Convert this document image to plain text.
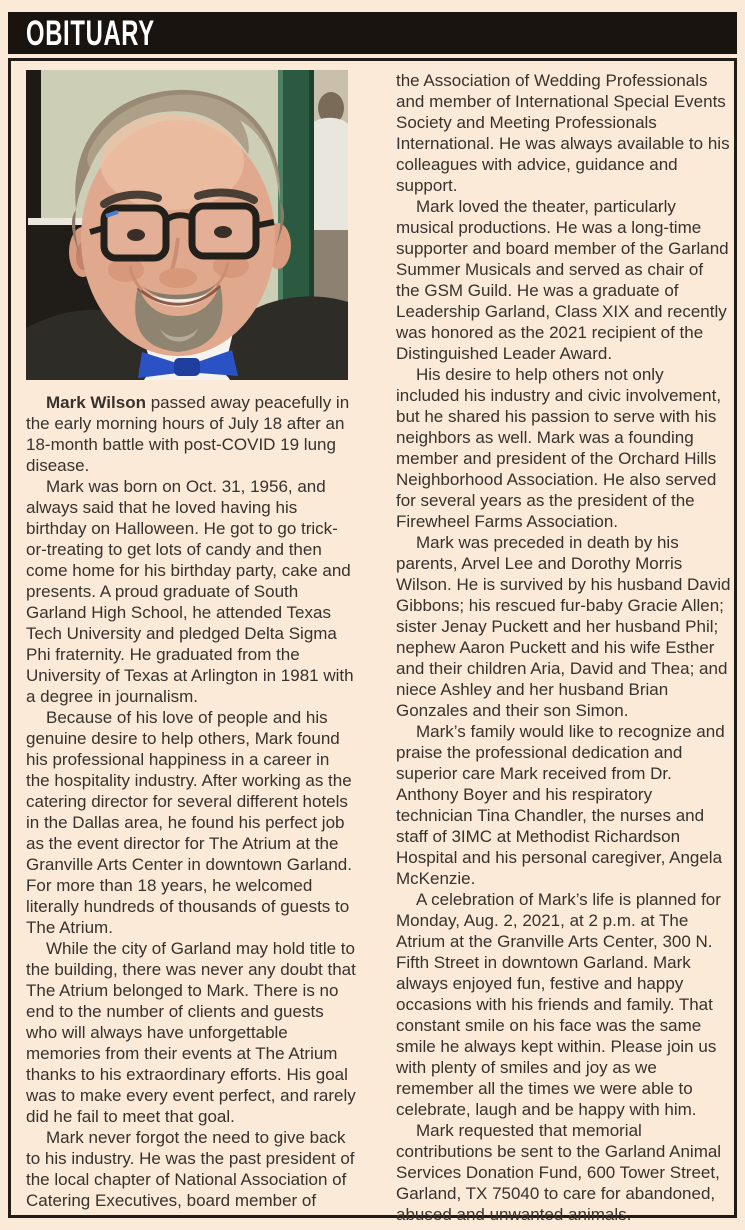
OBITUARY

Mark Wilson passed away peacefully in the early morning hours of July 18 after an 18-month battle with post-COVID 19 lung disease.

Mark was born on Oct. 31, 1956, and always said that he loved having his birthday on Halloween. He got to go trick-or-treating to get lots of candy and then come home for his birthday party, cake and presents. A proud graduate of South Garland High School, he attended Texas Tech University and pledged Delta Sigma Phi fraternity. He graduated from the University of Texas at Arlington in 1981 with a degree in journalism.

Because of his love of people and his genuine desire to help others, Mark found his professional happiness in a career in the hospitality industry. After working as the catering director for several different hotels in the Dallas area, he found his perfect job as the event director for The Atrium at the Granville Arts Center in downtown Garland. For more than 18 years, he welcomed literally hundreds of thousands of guests to The Atrium.

While the city of Garland may hold title to the building, there was never any doubt that The Atrium belonged to Mark. There is no end to the number of clients and guests who will always have unforgettable memories from their events at The Atrium thanks to his extraordinary efforts. His goal was to make every event perfect, and rarely did he fail to meet that goal.

Mark never forgot the need to give back to his industry. He was the past president of the local chapter of National Association of Catering Executives, board member of

the Association of Wedding Professionals and member of International Special Events Society and Meeting Professionals International. He was always available to his colleagues with advice, guidance and support.

Mark loved the theater, particularly musical productions. He was a long-time supporter and board member of the Garland Summer Musicals and served as chair of the GSM Guild. He was a graduate of Leadership Garland, Class XIX and recently was honored as the 2021 recipient of the Distinguished Leader Award.

His desire to help others not only included his industry and civic involvement, but he shared his passion to serve with his neighbors as well. Mark was a founding member and president of the Orchard Hills Neighborhood Association. He also served for several years as the president of the Firewheel Farms Association.

Mark was preceded in death by his parents, Arvel Lee and Dorothy Morris Wilson. He is survived by his husband David Gibbons; his rescued fur-baby Gracie Allen; sister Jenay Puckett and her husband Phil; nephew Aaron Puckett and his wife Esther and their children Aria, David and Thea; and niece Ashley and her husband Brian Gonzales and their son Simon.

Mark’s family would like to recognize and praise the professional dedication and superior care Mark received from Dr. Anthony Boyer and his respiratory technician Tina Chandler, the nurses and staff of 3IMC at Methodist Richardson Hospital and his personal caregiver, Angela McKenzie.

A celebration of Mark’s life is planned for Monday, Aug. 2, 2021, at 2 p.m. at The Atrium at the Granville Arts Center, 300 N. Fifth Street in downtown Garland. Mark always enjoyed fun, festive and happy occasions with his friends and family. That constant smile on his face was the same smile he always kept within. Please join us with plenty of smiles and joy as we remember all the times we were able to celebrate, laugh and be happy with him.

Mark requested that memorial contributions be sent to the Garland Animal Services Donation Fund, 600 Tower Street, Garland, TX 75040 to care for abandoned, abused and unwanted animals.
